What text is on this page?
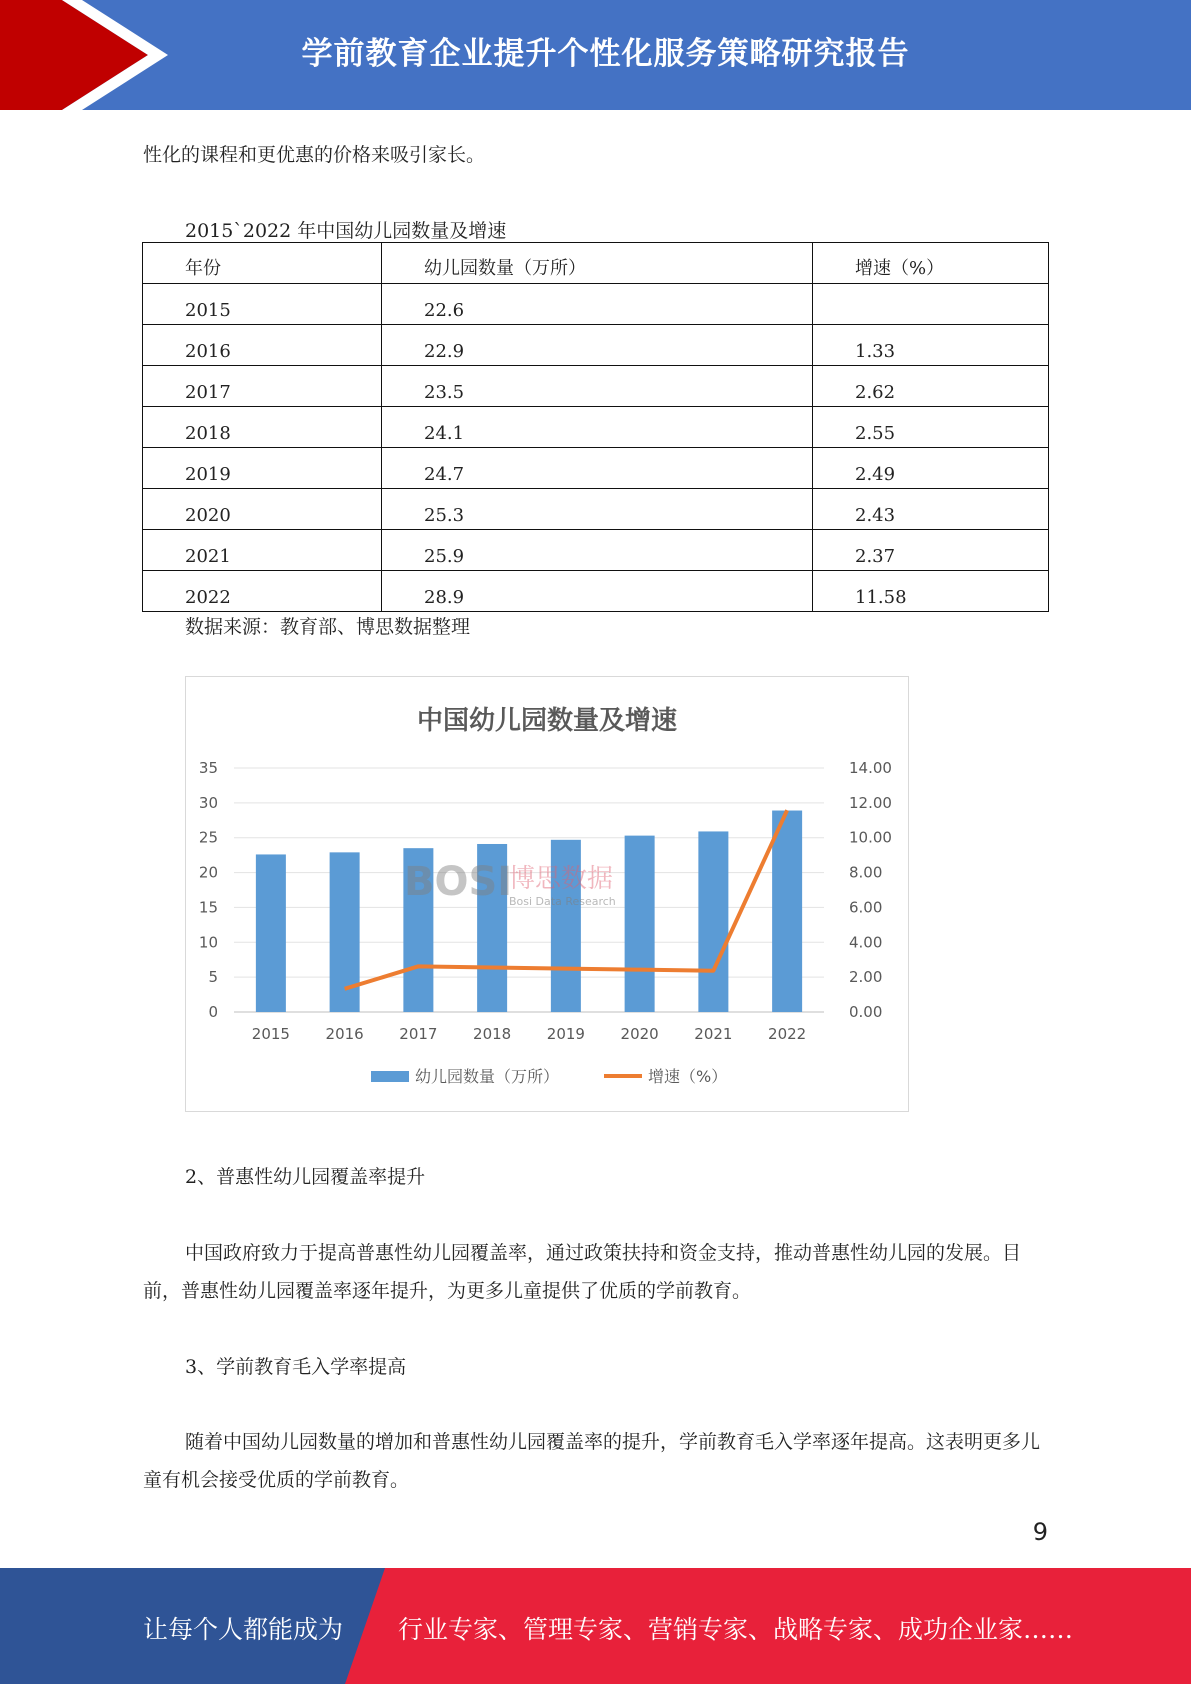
学前教育企业提升个性化服务策略研究报告
性化的课程和更优惠的价格来吸引家长。
2015`2022 年中国幼儿园数量及增速
年份	幼儿园数量（万所）	增速（%）
2015	22.6	
2016	22.9	1.33
2017	23.5	2.62
2018	24.1	2.55
2019	24.7	2.49
2020	25.3	2.43
2021	25.9	2.37
2022	28.9	11.58
数据来源：教育部、博思数据整理
中国幼儿园数量及增速
0
5
10
15
20
25
30
35
0.00
2.00
4.00
6.00
8.00
10.00
12.00
14.00
BOSI
博思数据
Bosi Data Research
2015 2016 2017 2018 2019 2020 2021 2022
幼儿园数量（万所）	增速（%）
2、普惠性幼儿园覆盖率提升

中国政府致力于提高普惠性幼儿园覆盖率，通过政策扶持和资金支持，推动普惠性幼儿园的发展。目前，普惠性幼儿园覆盖率逐年提升，为更多儿童提供了优质的学前教育。

3、学前教育毛入学率提高

随着中国幼儿园数量的增加和普惠性幼儿园覆盖率的提升，学前教育毛入学率逐年提高。这表明更多儿童有机会接受优质的学前教育。

9
让每个人都能成为 行业专家、管理专家、营销专家、战略专家、成功企业家……
